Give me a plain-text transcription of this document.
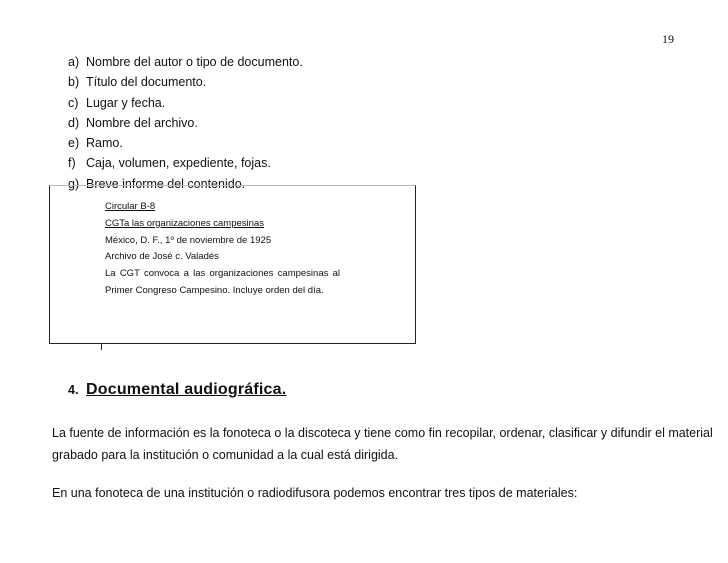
19
a) Nombre del autor o tipo de documento.
b) Título del documento.
c) Lugar y fecha.
d) Nombre del archivo.
e) Ramo.
f) Caja, volumen, expediente, fojas.
g) Breve informe del contenido.
Circular B-8
CGTa las organizaciones campesinas
México, D. F., 1º de noviembre de 1925
Archivo de José c. Valadés
La CGT convoca a las organizaciones campesinas al
Primer Congreso Campesino. Incluye orden del día.
4. Documental audiográfica.
La fuente de información es la fonoteca o la discoteca y tiene como fin recopilar, ordenar, clasificar y difundir el material
grabado para la institución o comunidad a la cual está dirigida.
En una fonoteca de una institución o radiodifusora podemos encontrar tres tipos de materiales:
